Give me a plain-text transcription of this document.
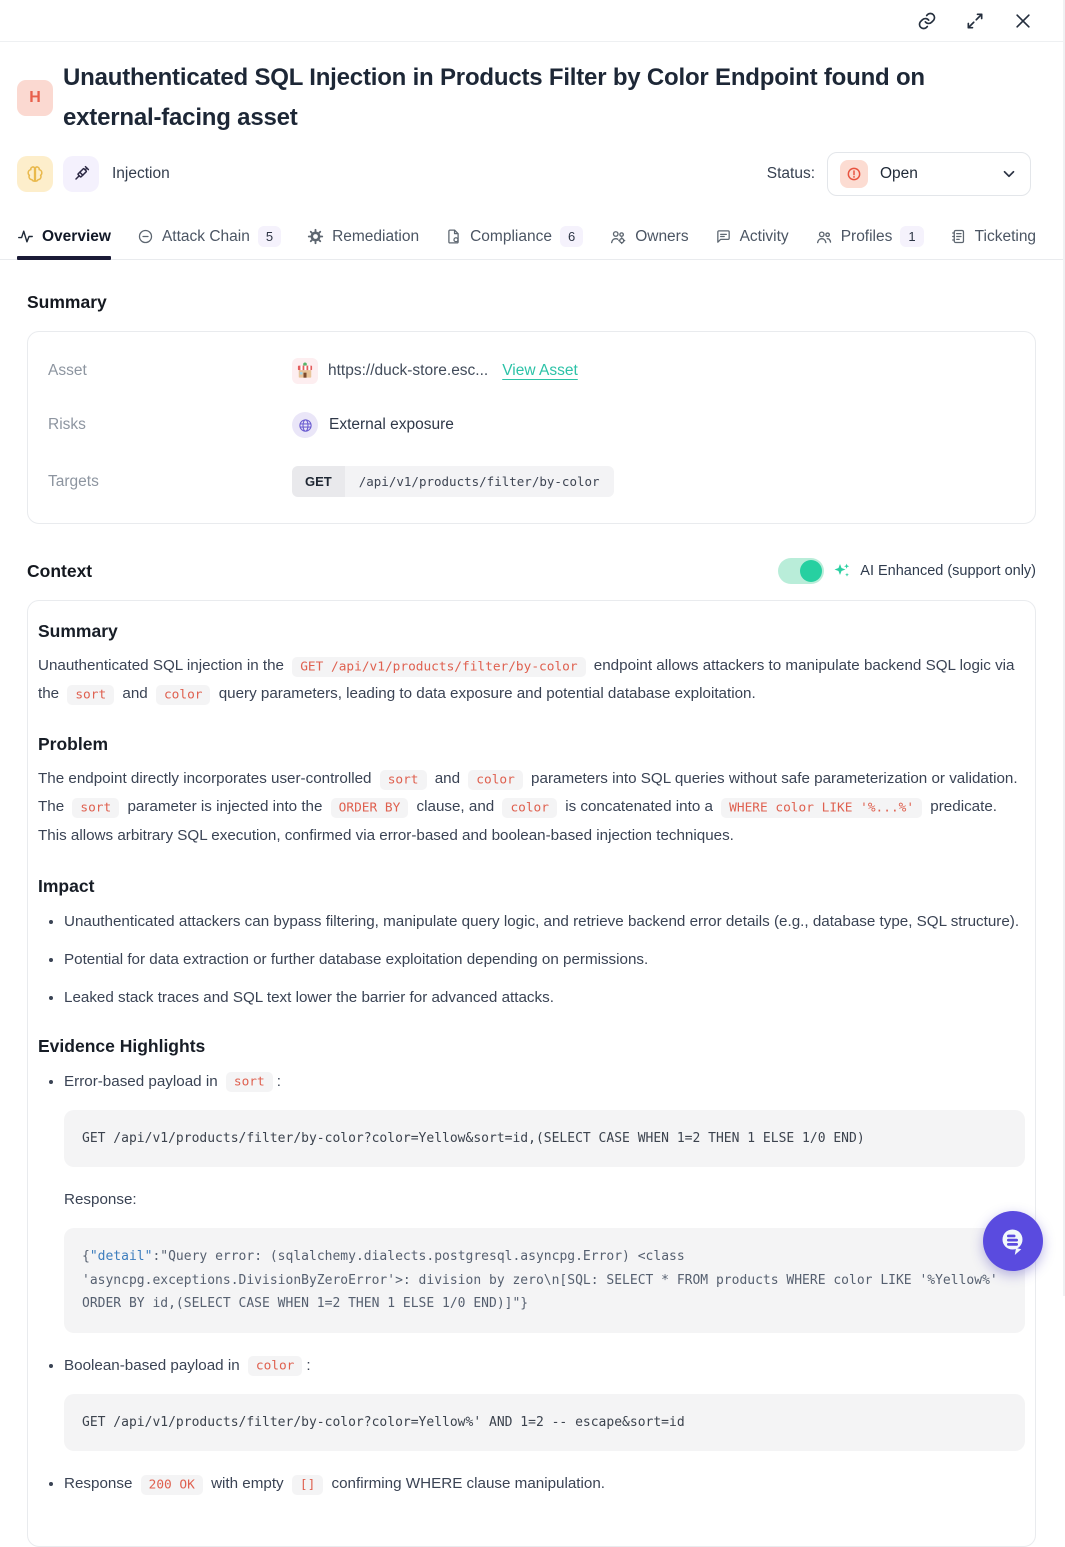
H
Unauthenticated SQL Injection in Products Filter by Color Endpoint found on external-facing asset
Injection	Status:	Open
Overview	Attack Chain	5	Remediation	Compliance	6	Owners	Activity	Profiles	1	Ticketing
Summary
Asset	https://duck-store.esc... View Asset
Risks	External exposure
Targets	GET	/api/v1/products/filter/by-color
Context	AI Enhanced (support only)
Summary

Unauthenticated SQL injection in the GET /api/v1/products/filter/by-color endpoint allows attackers to manipulate backend SQL logic via the sort and color query parameters, leading to data exposure and potential database exploitation.

Problem

The endpoint directly incorporates user-controlled sort and color parameters into SQL queries without safe parameterization or validation. The sort parameter is injected into the ORDER BY clause, and color is concatenated into a WHERE color LIKE '%...%' predicate. This allows arbitrary SQL execution, confirmed via error-based and boolean-based injection techniques.

Impact
• Unauthenticated attackers can bypass filtering, manipulate query logic, and retrieve backend error details (e.g., database type, SQL structure).
• Potential for data extraction or further database exploitation depending on permissions.
• Leaked stack traces and SQL text lower the barrier for advanced attacks.
Evidence Highlights
• Error-based payload in sort :
GET /api/v1/products/filter/by-color?color=Yellow&sort=id,(SELECT CASE WHEN 1=2 THEN 1 ELSE 1/0 END)
Response:
{"detail":"Query error: (sqlalchemy.dialects.postgresql.asyncpg.Error) <class 'asyncpg.exceptions.DivisionByZeroError'>: division by zero\n[SQL: SELECT * FROM products WHERE color LIKE '%Yellow%' ORDER BY id,(SELECT CASE WHEN 1=2 THEN 1 ELSE 1/0 END)]"}
• Boolean-based payload in color :
GET /api/v1/products/filter/by-color?color=Yellow%' AND 1=2 -- escape&sort=id
• Response 200 OK with empty [] confirming WHERE clause manipulation.
